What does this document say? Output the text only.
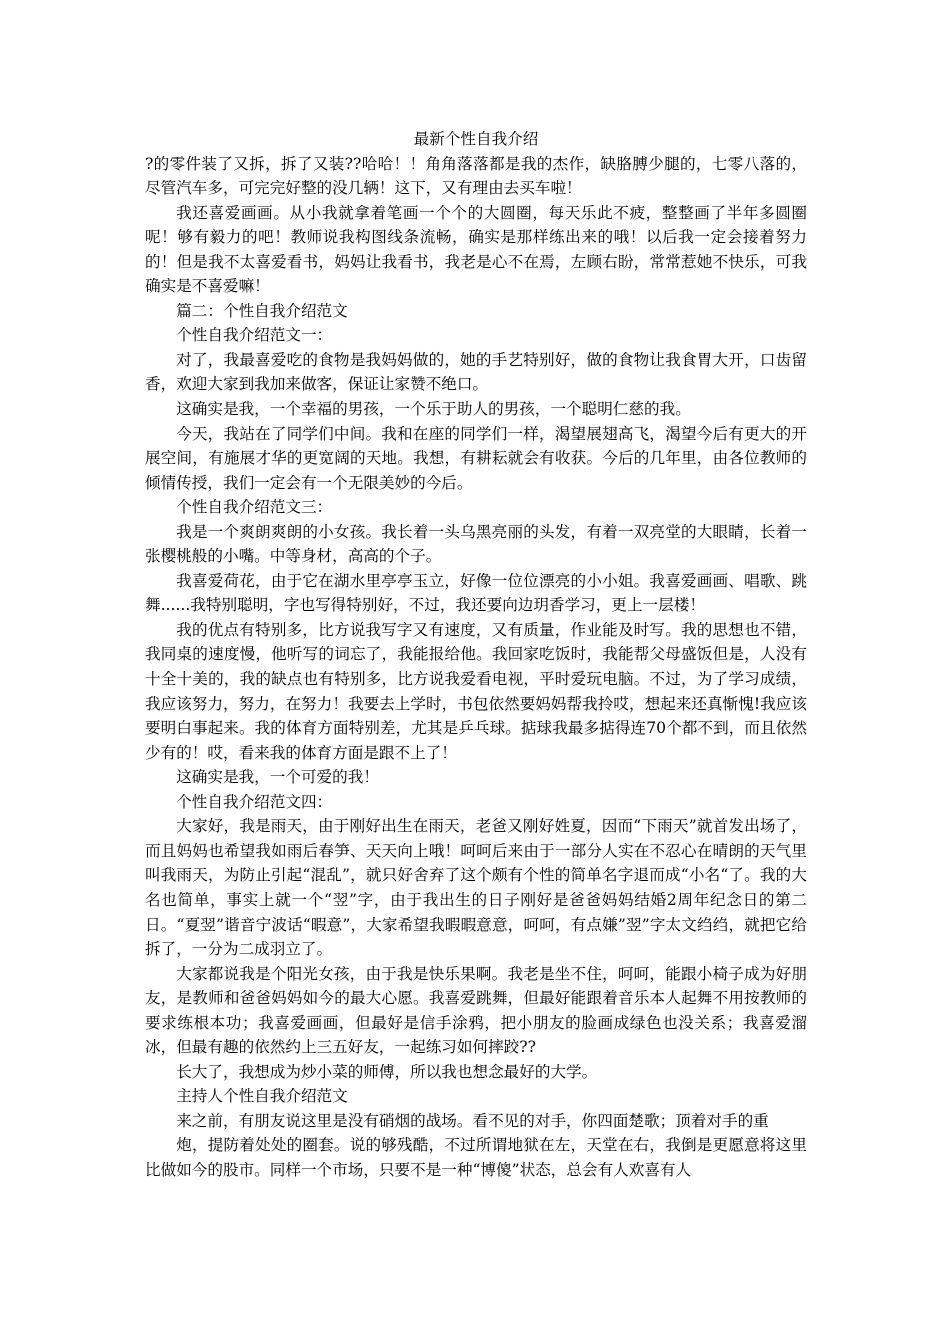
最新个性自我介绍

?的零件装了又拆，拆了又装??哈哈！！角角落落都是我的杰作，缺胳膊少腿的，七零八落的，尽管汽车多，可完完好整的没几辆！这下，又有理由去买车啦！

我还喜爱画画。从小我就拿着笔画一个个的大圆圈，每天乐此不疲，整整画了半年多圆圈呢！够有毅力的吧！教师说我构图线条流畅，确实是那样练出来的哦！以后我一定会接着努力的！但是我不太喜爱看书，妈妈让我看书，我老是心不在焉，左顾右盼，常常惹她不快乐，可我确实是不喜爱嘛！

篇二：个性自我介绍范文

个性自我介绍范文一：

对了，我最喜爱吃的食物是我妈妈做的，她的手艺特别好，做的食物让我食胃大开，口齿留香，欢迎大家到我加来做客，保证让家赞不绝口。

这确实是我，一个幸福的男孩，一个乐于助人的男孩，一个聪明仁慈的我。

今天，我站在了同学们中间。我和在座的同学们一样，渴望展翅高飞，渴望今后有更大的开展空间，有施展才华的更宽阔的天地。我想，有耕耘就会有收获。今后的几年里，由各位教师的倾情传授，我们一定会有一个无限美妙的今后。

个性自我介绍范文三：

我是一个爽朗爽朗的小女孩。我长着一头乌黑亮丽的头发，有着一双亮堂的大眼睛，长着一张樱桃般的小嘴。中等身材，高高的个子。

我喜爱荷花，由于它在湖水里亭亭玉立，好像一位位漂亮的小小姐。我喜爱画画、唱歌、跳舞......我特别聪明，字也写得特别好，不过，我还要向边玥香学习，更上一层楼！

我的优点有特别多，比方说我写字又有速度，又有质量，作业能及时写。我的思想也不错，我同桌的速度慢，他听写的词忘了，我能报给他。我回家吃饭时，我能帮父母盛饭但是，人没有十全十美的，我的缺点也有特别多，比方说我爱看电视，平时爱玩电脑。不过，为了学习成绩，我应该努力，努力，在努力！我要去上学时，书包依然要妈妈帮我拎哎，想起来还真惭愧!我应该要明白事起来。我的体育方面特别差，尤其是乒乓球。掂球我最多掂得连70个都不到，而且依然少有的！哎，看来我的体育方面是跟不上了！

这确实是我，一个可爱的我！

个性自我介绍范文四：

大家好，我是雨天，由于刚好出生在雨天，老爸又刚好姓夏，因而“下雨天”就首发出场了，而且妈妈也希望我如雨后春笋、天天向上哦！呵呵后来由于一部分人实在不忍心在晴朗的天气里叫我雨天，为防止引起“混乱”，就只好舍弃了这个颇有个性的简单名字退而成“小名“了。我的大名也简单，事实上就一个“翌”字，由于我出生的日子刚好是爸爸妈妈结婚2周年纪念日的第二日。“夏翌”谐音宁波话“暇意”，大家希望我暇暇意意，呵呵，有点嫌”翌”字太文绉绉，就把它给拆了，一分为二成羽立了。

大家都说我是个阳光女孩，由于我是快乐果啊。我老是坐不住，呵呵，能跟小椅子成为好朋友，是教师和爸爸妈妈如今的最大心愿。我喜爱跳舞，但最好能跟着音乐本人起舞不用按教师的要求练根本功；我喜爱画画，但最好是信手涂鸦，把小朋友的脸画成绿色也没关系；我喜爱溜冰，但最有趣的依然约上三五好友，一起练习如何摔跤??

长大了，我想成为炒小菜的师傅，所以我也想念最好的大学。

主持人个性自我介绍范文

来之前，有朋友说这里是没有硝烟的战场。看不见的对手，你四面楚歌；顶着对手的重

炮，提防着处处的圈套。说的够残酷，不过所谓地狱在左，天堂在右，我倒是更愿意将这里比做如今的股市。同样一个市场，只要不是一种“博傻”状态，总会有人欢喜有人
